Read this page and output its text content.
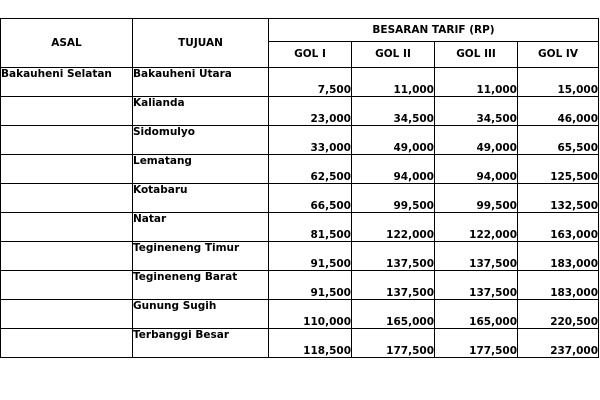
ASAL	TUJUAN	BESARAN TARIF (RP)			
		GOL I	GOL II	GOL III	GOL IV
Bakauheni Selatan	Bakauheni Utara	7,500	11,000	11,000	15,000
	Kalianda	23,000	34,500	34,500	46,000
	Sidomulyo	33,000	49,000	49,000	65,500
	Lematang	62,500	94,000	94,000	125,500
	Kotabaru	66,500	99,500	99,500	132,500
	Natar	81,500	122,000	122,000	163,000
	Tegineneng Timur	91,500	137,500	137,500	183,000
	Tegineneng Barat	91,500	137,500	137,500	183,000
	Gunung Sugih	110,000	165,000	165,000	220,500
	Terbanggi Besar	118,500	177,500	177,500	237,000
